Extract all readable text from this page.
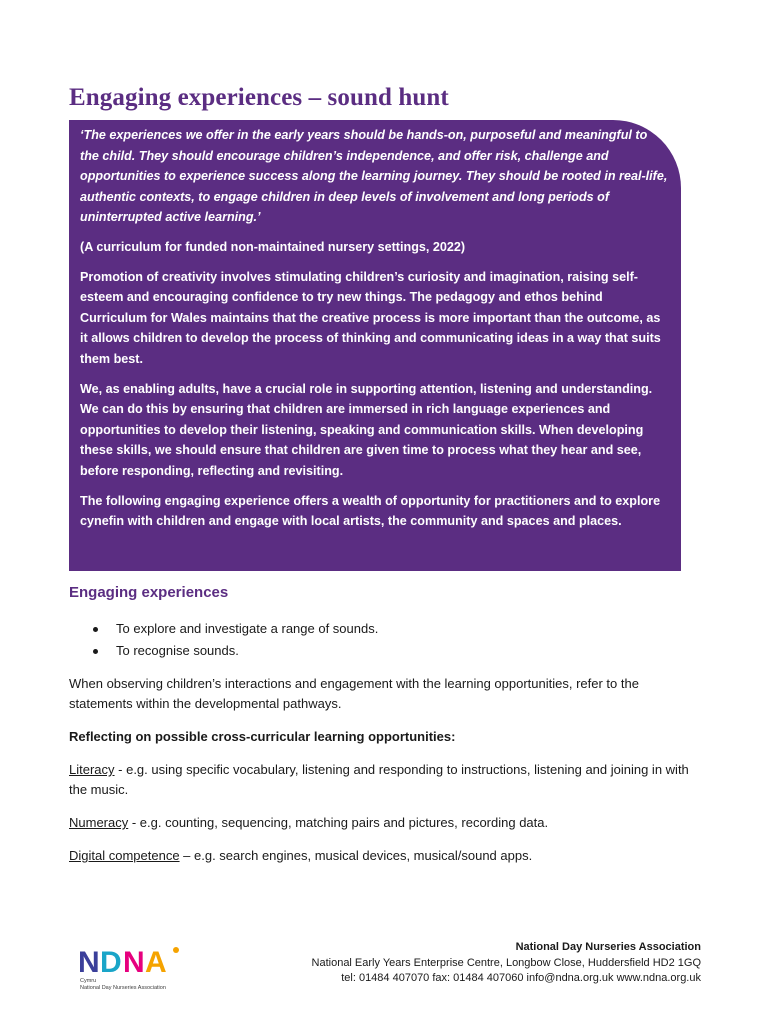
Engaging experiences – sound hunt

‘The experiences we offer in the early years should be hands-on, purposeful and meaningful to the child. They should encourage children’s independence, and offer risk, challenge and opportunities to experience success along the learning journey. They should be rooted in real-life, authentic contexts, to engage children in deep levels of involvement and long periods of uninterrupted active learning.’

(A curriculum for funded non-maintained nursery settings, 2022)

Promotion of creativity involves stimulating children’s curiosity and imagination, raising self-esteem and encouraging confidence to try new things. The pedagogy and ethos behind Curriculum for Wales maintains that the creative process is more important than the outcome, as it allows children to develop the process of thinking and communicating ideas in a way that suits them best.

We, as enabling adults, have a crucial role in supporting attention, listening and understanding. We can do this by ensuring that children are immersed in rich language experiences and opportunities to develop their listening, speaking and communication skills. When developing these skills, we should ensure that children are given time to process what they hear and see, before responding, reflecting and revisiting.

The following engaging experience offers a wealth of opportunity for practitioners and to explore cynefin with children and engage with local artists, the community and spaces and places.

Engaging experiences
To explore and investigate a range of sounds.
To recognise sounds.

When observing children’s interactions and engagement with the learning opportunities, refer to the statements within the developmental pathways.

Reflecting on possible cross-curricular learning opportunities:

Literacy - e.g. using specific vocabulary, listening and responding to instructions, listening and joining in with the music.

Numeracy - e.g. counting, sequencing, matching pairs and pictures, recording data.

Digital competence – e.g. search engines, musical devices, musical/sound apps.

N D N A
Cymru
National Day Nurseries Association
National Day Nurseries Association
National Early Years Enterprise Centre, Longbow Close, Huddersfield HD2 1GQ
tel: 01484 407070 fax: 01484 407060 info@ndna.org.uk www.ndna.org.uk
